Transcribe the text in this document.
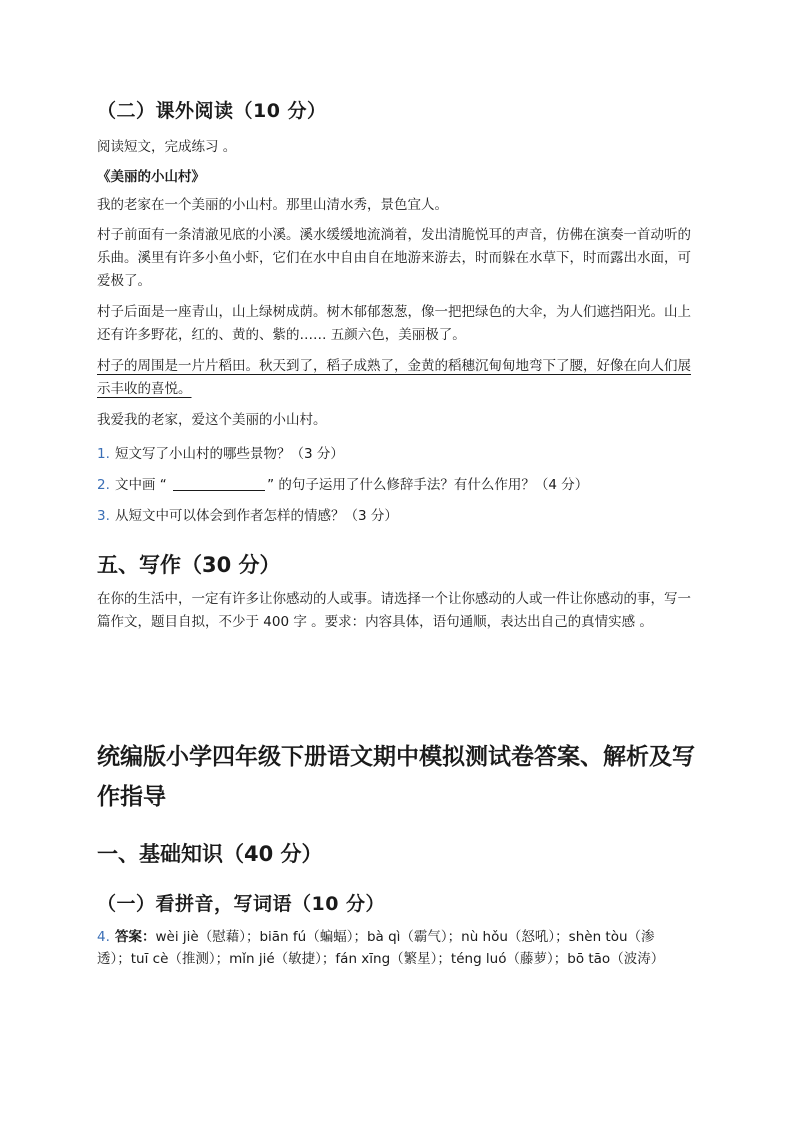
（二）课外阅读（10 分）
阅读短文，完成练习 。
《美丽的小山村》
我的老家在一个美丽的小山村。那里山清水秀，景色宜人。
村子前面有一条清澈见底的小溪。溪水缓缓地流淌着，发出清脆悦耳的声音，仿佛在演奏一首动听的乐曲。溪里有许多小鱼小虾，它们在水中自由自在地游来游去，时而躲在水草下，时而露出水面，可爱极了。
村子后面是一座青山，山上绿树成荫。树木郁郁葱葱，像一把把绿色的大伞，为人们遮挡阳光。山上还有许多野花，红的、黄的、紫的…… 五颜六色，美丽极了。
村子的周围是一片片稻田。秋天到了，稻子成熟了，金黄的稻穗沉甸甸地弯下了腰，好像在向人们展示丰收的喜悦。
我爱我的老家，爱这个美丽的小山村。
1. 短文写了小山村的哪些景物？（3 分）
2. 文中画 “	” 的句子运用了什么修辞手法？有什么作用？（4 分）
3. 从短文中可以体会到作者怎样的情感？（3 分）
五、写作（30 分）
在你的生活中，一定有许多让你感动的人或事。请选择一个让你感动的人或一件让你感动的事，写一篇作文，题目自拟，不少于 400 字 。要求：内容具体，语句通顺，表达出自己的真情实感 。
统编版小学四年级下册语文期中模拟测试卷答案、解析及写作指导
一、基础知识（40 分）
（一）看拼音，写词语（10 分）
4. 答案：wèi jiè（慰藉）；biān fú（蝙蝠）；bà qì（霸气）；nù hǒu（怒吼）；shèn tòu（渗透）；tuī cè（推测）；mǐn jié（敏捷）；fán xīng（繁星）；téng luó（藤萝）；bō tāo（波涛）
